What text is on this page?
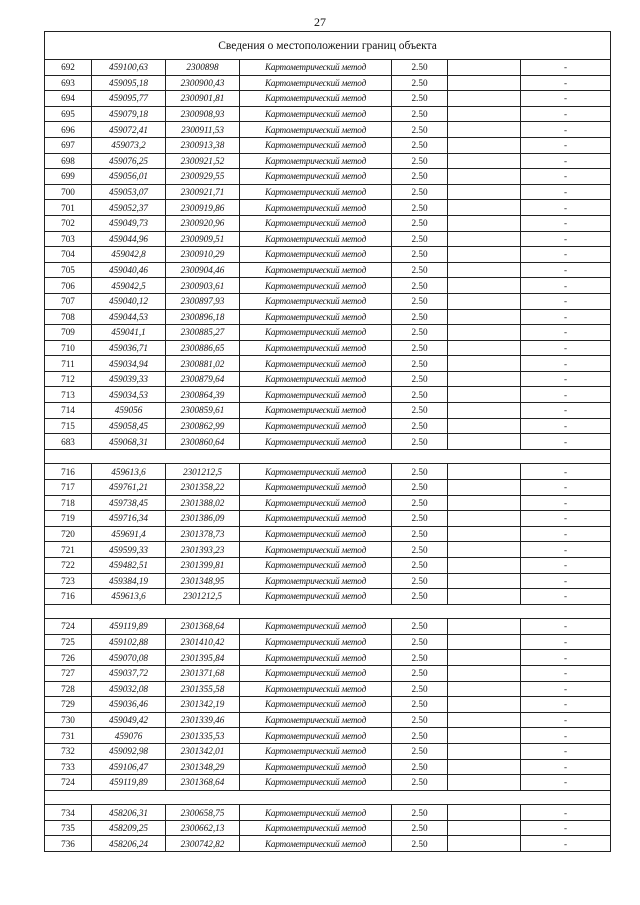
27
Сведения о местоположении границ объекта						
692	459100,63	2300898	Картометрический метод	2.50		-
693	459095,18	2300900,43	Картометрический метод	2.50		-
694	459095,77	2300901,81	Картометрический метод	2.50		-
695	459079,18	2300908,93	Картометрический метод	2.50		-
696	459072,41	2300911,53	Картометрический метод	2.50		-
697	459073,2	2300913,38	Картометрический метод	2.50		-
698	459076,25	2300921,52	Картометрический метод	2.50		-
699	459056,01	2300929,55	Картометрический метод	2.50		-
700	459053,07	2300921,71	Картометрический метод	2.50		-
701	459052,37	2300919,86	Картометрический метод	2.50		-
702	459049,73	2300920,96	Картометрический метод	2.50		-
703	459044,96	2300909,51	Картометрический метод	2.50		-
704	459042,8	2300910,29	Картометрический метод	2.50		-
705	459040,46	2300904,46	Картометрический метод	2.50		-
706	459042,5	2300903,61	Картометрический метод	2.50		-
707	459040,12	2300897,93	Картометрический метод	2.50		-
708	459044,53	2300896,18	Картометрический метод	2.50		-
709	459041,1	2300885,27	Картометрический метод	2.50		-
710	459036,71	2300886,65	Картометрический метод	2.50		-
711	459034,94	2300881,02	Картометрический метод	2.50		-
712	459039,33	2300879,64	Картометрический метод	2.50		-
713	459034,53	2300864,39	Картометрический метод	2.50		-
714	459056	2300859,61	Картометрический метод	2.50		-
715	459058,45	2300862,99	Картометрический метод	2.50		-
683	459068,31	2300860,64	Картометрический метод	2.50		-

716	459613,6	2301212,5	Картометрический метод	2.50		-
717	459761,21	2301358,22	Картометрический метод	2.50		-
718	459738,45	2301388,02	Картометрический метод	2.50		-
719	459716,34	2301386,09	Картометрический метод	2.50		-
720	459691,4	2301378,73	Картометрический метод	2.50		-
721	459599,33	2301393,23	Картометрический метод	2.50		-
722	459482,51	2301399,81	Картометрический метод	2.50		-
723	459384,19	2301348,95	Картометрический метод	2.50		-
716	459613,6	2301212,5	Картометрический метод	2.50		-

724	459119,89	2301368,64	Картометрический метод	2.50		-
725	459102,88	2301410,42	Картометрический метод	2.50		-
726	459070,08	2301395,84	Картометрический метод	2.50		-
727	459037,72	2301371,68	Картометрический метод	2.50		-
728	459032,08	2301355,58	Картометрический метод	2.50		-
729	459036,46	2301342,19	Картометрический метод	2.50		-
730	459049,42	2301339,46	Картометрический метод	2.50		-
731	459076	2301335,53	Картометрический метод	2.50		-
732	459092,98	2301342,01	Картометрический метод	2.50		-
733	459106,47	2301348,29	Картометрический метод	2.50		-
724	459119,89	2301368,64	Картометрический метод	2.50		-

734	458206,31	2300658,75	Картометрический метод	2.50		-
735	458209,25	2300662,13	Картометрический метод	2.50		-
736	458206,24	2300742,82	Картометрический метод	2.50		-
